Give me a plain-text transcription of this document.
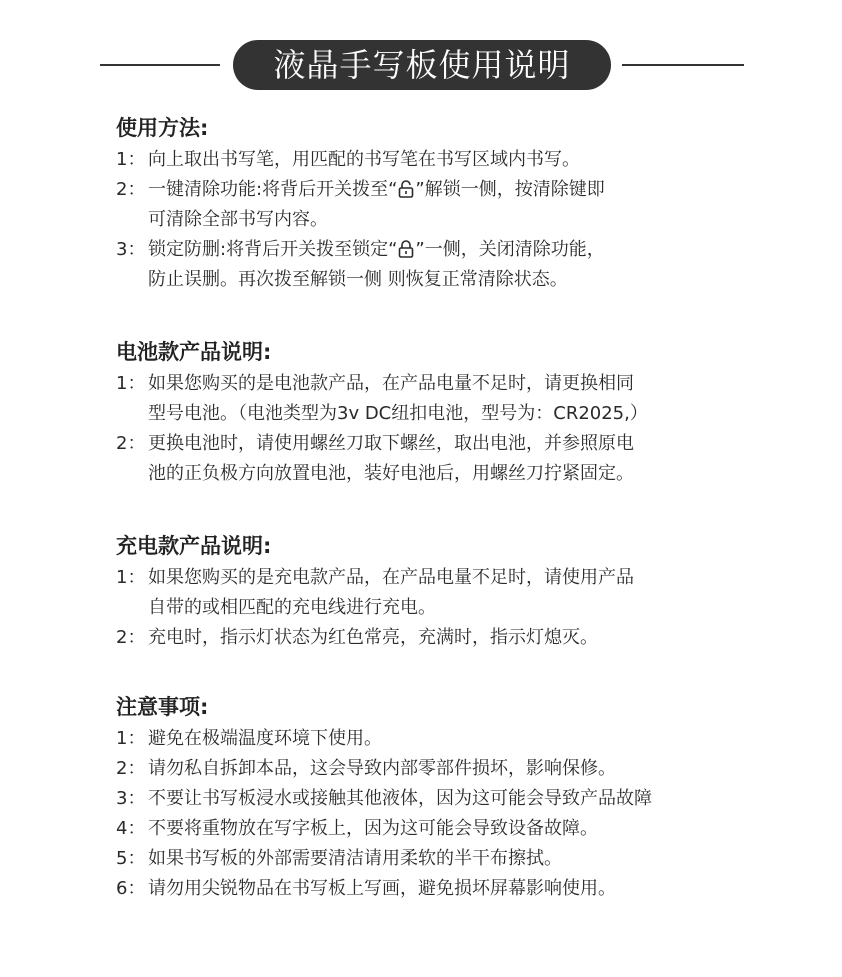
液晶手写板使用说明
使用方法:
1： 向上取出书写笔，用匹配的书写笔在书写区域内书写。
2： 一键清除功能:将背后开关拨至“ ”解锁一侧，按清除键即
可清除全部书写内容。
3： 锁定防删:将背后开关拨至锁定“ ”一侧，关闭清除功能，
防止误删。再次拨至解锁一侧 则恢复正常清除状态。
电池款产品说明:
1： 如果您购买的是电池款产品，在产品电量不足时，请更换相同
型号电池。（电池类型为3v DC纽扣电池，型号为：CR2025,）
2： 更换电池时，请使用螺丝刀取下螺丝，取出电池，并参照原电
池的正负极方向放置电池，装好电池后，用螺丝刀拧紧固定。
充电款产品说明:
1： 如果您购买的是充电款产品，在产品电量不足时，请使用产品
自带的或相匹配的充电线进行充电。
2： 充电时，指示灯状态为红色常亮，充满时，指示灯熄灭。
注意事项:
1： 避免在极端温度环境下使用。
2： 请勿私自拆卸本品，这会导致内部零部件损坏，影响保修。
3： 不要让书写板浸水或接触其他液体，因为这可能会导致产品故障
4： 不要将重物放在写字板上，因为这可能会导致设备故障。
5： 如果书写板的外部需要清洁请用柔软的半干布擦拭。
6： 请勿用尖锐物品在书写板上写画，避免损坏屏幕影响使用。
